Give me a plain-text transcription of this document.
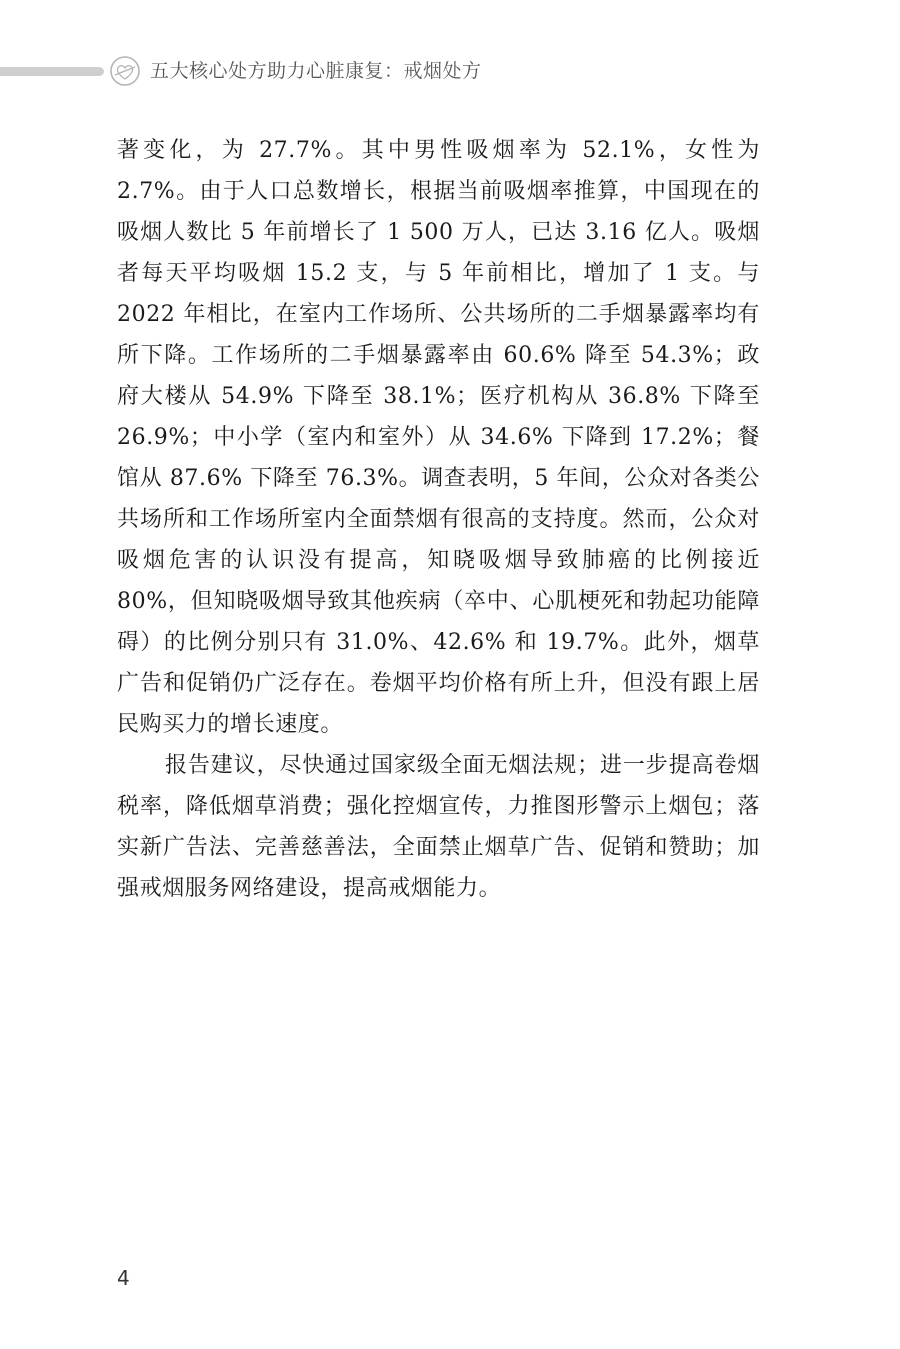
五大核心处方助力心脏康复：戒烟处方

著变化，为 27.7%。其中男性吸烟率为 52.1%，女性为 2.7%。由于人口总数增长，根据当前吸烟率推算，中国现在的吸烟人数比 5 年前增长了 1 500 万人，已达 3.16 亿人。吸烟者每天平均吸烟 15.2 支，与 5 年前相比，增加了 1 支。与 2022 年相比，在室内工作场所、公共场所的二手烟暴露率均有所下降。工作场所的二手烟暴露率由 60.6% 降至 54.3%；政府大楼从 54.9% 下降至 38.1%；医疗机构从 36.8% 下降至 26.9%；中小学（室内和室外）从 34.6% 下降到 17.2%；餐馆从 87.6% 下降至 76.3%。调查表明，5 年间，公众对各类公共场所和工作场所室内全面禁烟有很高的支持度。然而，公众对吸烟危害的认识没有提高，知晓吸烟导致肺癌的比例接近 80%，但知晓吸烟导致其他疾病（卒中、心肌梗死和勃起功能障碍）的比例分别只有 31.0%、42.6% 和 19.7%。此外，烟草广告和促销仍广泛存在。卷烟平均价格有所上升，但没有跟上居民购买力的增长速度。

报告建议，尽快通过国家级全面无烟法规；进一步提高卷烟税率，降低烟草消费；强化控烟宣传，力推图形警示上烟包；落实新广告法、完善慈善法，全面禁止烟草广告、促销和赞助；加强戒烟服务网络建设，提高戒烟能力。

4
